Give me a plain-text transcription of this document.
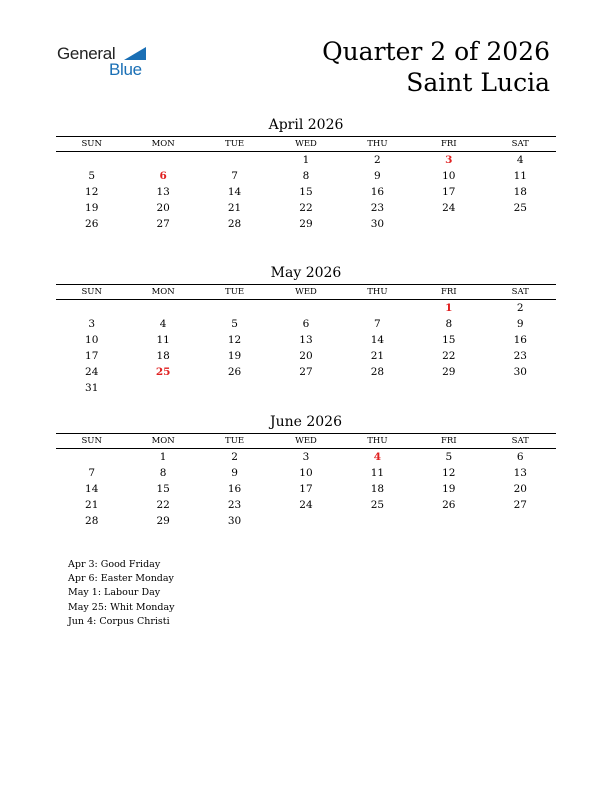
General
Blue
Quarter 2 of 2026
Saint Lucia
April 2026
SUN	MON	TUE	WED	THU	FRI	SAT
			1	2	3	4
5	6	7	8	9	10	11
12	13	14	15	16	17	18
19	20	21	22	23	24	25
26	27	28	29	30		
May 2026
SUN	MON	TUE	WED	THU	FRI	SAT
					1	2
3	4	5	6	7	8	9
10	11	12	13	14	15	16
17	18	19	20	21	22	23
24	25	26	27	28	29	30
31						
June 2026
SUN	MON	TUE	WED	THU	FRI	SAT
	1	2	3	4	5	6
7	8	9	10	11	12	13
14	15	16	17	18	19	20
21	22	23	24	25	26	27
28	29	30				
Apr 3: Good Friday
Apr 6: Easter Monday
May 1: Labour Day
May 25: Whit Monday
Jun 4: Corpus Christi
